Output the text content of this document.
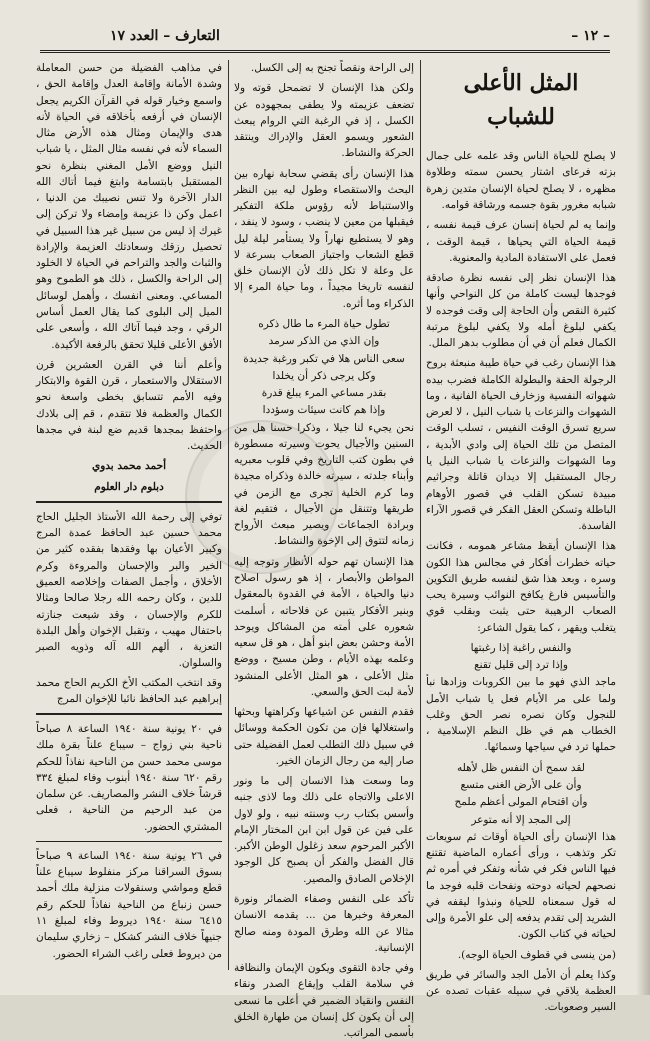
– ١٢ –
التعارف – العدد ١٧
المثل الأعلى للشباب

لا يصلح للحياة الناس وقد علمه على جمال بزته فرعاى اشتار يحسن سمته وطلاوة مظهره ، لا يصلح لحياة الإنسان متدين زهرة شبابه مغرور بقوة جسمه ورشاقة قوامه.

وإنما يه لم لحياة إنسان عرف قيمة نفسه ، قيمة الحياة التي يحياها ، قيمة الوقت ، فعمل على الاستفادة المادية والمعنوية.

هذا الإنسان نظر إلى نفسه نظرة صادقة فوجدها ليست كاملة من كل النواحي وأنها كثيرة النقص وأن الحاجة إلى وقت فوجده لا يكفي لبلوغ أمله ولا يكفي لبلوغ مرتبة الكمال فعلم أن في أن مطلوب بدهر الملل.

هذا الإنسان رغب في حياة طيبة منبعثة بروح الرجولة الحقة والبطولة الكاملة فضرب بيده شهواته النفسية وزخارف الحياة الفانية ، وما الشهوات والنزعات يا شباب النيل ، لا لعرض سريع تسرق الوقت النفيس ، تسلب الوقت المتصل من تلك الحياة إلى وادي الأبدية ، وما الشهوات والنزعات يا شباب النيل يا رجال المستقبل إلا ديدان قاتلة وجراثيم مبيدة تسكن القلب في قصور الأوهام الباطلة وتسكن العقل الفكر في قصور الآراء الفاسدة.

هذا الإنسان أيقظ مشاعر همومه ، فكانت حياته خطرات أفكار في مجالس هذا الكون وسره ، وبعد هذا شق لنفسه طريق التكوين والتأسيس فارغ يكافح النوائب وسيرة يحب الصعاب الرهيبة حتى يثبت وبقلب قوي يتغلب ويقهر ، كما يقول الشاعر:

والنفس راغبة إذا رغبتها
وإذا ترد إلى قليل تقنع

ماجد الذي فهو ما بين الكروبات وزادها نبأ ولما على مر الأيام فعل يا شباب الأمل للنجول وكان نصره نصر الحق وغلب الخطاب هم في ظل النظم الإسلامية ، حملها ترد في سياجها وسمائها.

لقد سمح أن النفس ظل لأهله
وأن على الأرض الغنى متسع
وأن اقتحام المولى أعظم ملمح
إلى المجد إلا أنه متوعر

هذا الإنسان رأى الحياة أوقات ثم سويعات تكر وتذهب ، ورأى أعماره الماضية تقتنع فيها الناس فكر في شأنه وتفكر في أمره ثم نصحهم لحياته دوحته ونفحات قلبه فوجد ما له قول سمعناه للحياة ونبذوا ليقفه في الشريد إلى تقدم يدفعه إلى علو الأمرة وإلى لحياته في كتاب الكون.

(من ينسى في قطوف الحياة الوجه).

وكذا يعلم أن الأمل الجد والسائر في طريق العظمة يلاقي في سبيله عقبات تصده عن السير وصعوبات.

إلى الراحة ونقصاً تجنح به إلى الكسل.

ولكن هذا الإنسان لا تضمحل قوته ولا تضعف عزيمته ولا يطفى بمجهوده عن الكسل ، إذ في الرغبة التي الروام يبعث الشعور ويسمو العقل والإدراك وينتقد الحركة والنشاط.

هذا الإنسان رأى يقضي سحابة نهاره بين البحث والاستقصاء وطول ليه بين النظر والاستنباط لأنه رؤوس ملكة التفكير فيقبلها من معين لا ينضب ، وسود لا ينفد ، وهو لا يستطيع نهاراً ولا يستأمر ليلة ليل قطع الشعاب واجتياز الصعاب بسرعة لا عل وعلة لا تكل ذلك لأن الإنسان خلق لنفسه تاريخا مجيداً ، وما حياة المرء إلا الذكراء وما أثره.

تطول حياة المرء ما طال ذكره
وإن الذي من الذكر سرمد
سعى الناس هلا في تكبر ورغبة جديدة
وكل يرجى ذكر أن يخلدا
بقدر مساعي المرء يبلغ قدرة
وإذا هم كانت سيئات وسؤددا

نحن يجيء لنا جيلا ، وذكرا حسنا هل من السنين والأجيال يحوت وسيرته مسطورة في بطون كتب التاريخ وفي قلوب معبريه وأبناء جلدته ، سيرته خالدة وذكراه مجيدة وما كرم الخلية تجرى مع الزمن في طريقها وتتنقل من الأجيال ، فتقيم لغة وبرادة الجماعات ويصير مبعث الأرواح زمانه لتتوق إلى الإخوة والنشاط.

هذا الإنسان تهم حوله الأنظار وتوجه إليه المواطن والأبصار ، إذ هو رسول اصلاح دنيا والحياة ، الأمة في القدوة بالمعقول وبنير الأفكار يتبين عن فلاحاته ، أسلمت شعوره على أمته من المشاكل ويوحد الأمة وحشن بعض ابنو أهل ، هو قل سعيه وعلمه بهذه الأيام ، وطن مسيح ، ووضع مثل الأعلى ، هو المثل الأعلى المنشود لأمة لبت الحق والسعي.

فقدم النفس عن اشياعها وكراهتها وبحثها واستغلالها فإن من تكون الحكمة ووسائل في سبيل ذلك التطلب لعمل الفضيلة حتى صار إليه من رجال الزمان الخير.

وما وسعت هذا الانسان إلى ما ونور الاعلى والاتجاه على ذلك وما لاذى جنبه وأسس بكتاب رب وسنته نبيه ، ولو لاول على فين عن قول ابن ابن المختار الإمام الأكبر المرحوم سعد زغلول الوطن الأكبر. قال الفضل والفكر أن يصبح كل الوجود الإخلاص الصادق والمصير.

تأكد على النفس وصفاء الضمائر ونورة المعرفة وخبرها من ... يقدمه الانسان مثالا عن الله وطرق المودة ومنه صالح الإنسانية.

وفي جادة التقوى ويكون الإيمان والنظافة في سلامة القلب وإيقاع الصدر ونقاء النفس وانقياد الضمير في أعلى ما نسعى إلى أن يكون كل إنسان من طهارة الخلق بأسمى المراتب.

في مذاهب الفضيلة من حسن المعاملة وشدة الأمانة وإقامة العدل وإقامة الحق ، واسمع وخيار قوله في القرآن الكريم يجعل الإنسان في أرفعه بأخلاقه في الحياة لأنه هدى والإيمان ومثال هذه الأرض مثال السماء لأنه في نفسه مثال المثل ، يا شباب النيل ووضع الأمل المغني بنظرة نحو المستقبل بابتسامة وابتغ فيما أتاك الله الدار الآخرة ولا تنس نصيبك من الدنيا ، اعمل وكن ذا عزيمة وإمضاء ولا تركن إلى غيرك إذ ليس من سبيل غير هذا السبيل في تحصيل رزقك وسعادتك العزيمة والإرادة والثبات والجد والتراحم في الحياة لا الخلود إلى الراحة والكسل ، ذلك هو الطموح وهو المساعي. ومعنى انفسك ، وأهمل لوسائل الميل إلى البلوى كما يقال العمل أساس الرقي ، وجد فيما آتاك الله ، وأسعى على الأفق الأعلى قليلا تحقق بالرفعة الأكيدة.

وأعلم أننا في القرن العشرين قرن الاستقلال والاستعمار ، قرن القوة والابتكار وفيه الأمم تتسابق بخطى واسعة نحو الكمال والعظمة فلا تتقدم ، قم إلى بلادك واحتفظ بمجدها قديم ضع لبنة في مجدها الحديث.

أحمد محمد بدوي
دبلوم دار العلوم

توفي إلى رحمة الله الأستاذ الجليل الحاج محمد حسين عبد الحافظ عمدة المرج وكبير الأعيان بها وفقدها بفقده كثير من الخير والبر والإحسان والمروءة وكرم الأخلاق ، وأجمل الصفات وإخلاصه العميق للدين ، وكان رحمه الله رجلا صالحا ومثالا للكرم والإحسان ، وقد شيعت جنازته باحتفال مهيب ، وتقبل الإخوان وأهل البلدة التعزية ، ألهم الله آله وذويه الصبر والسلوان.

وقد انتخب المكتب الأخ الكريم الحاج محمد إبراهيم عبد الحافظ نائبا للإخوان المرج

في ٢٠ يونية سنة ١٩٤٠ الساعة ٨ صباحاً ناحية بني زواج – سيباع علناً بقرة ملك موسى محمد حسن من الناحية نفاذاً للحكم رقم ٦٢٠ سنة ١٩٤٠ أبنوب وفاء لمبلغ ٣٣٤ قرشاً خلاف النشر والمصاريف. عن سلمان من عبد الرحيم من الناحية ، فعلى المشتري الحضور.

في ٢٦ يونية سنة ١٩٤٠ الساعة ٩ صباحاً بسوق السراقنا مركز منفلوط سيباع علناً قطع ومواشي وسنقولات منزلية ملك أحمد حسن زنباع من الناحية نفاذاً للحكم رقم ٦٤١٥ سنة ١٩٤٠ ديروط وفاء لمبلغ ١١ جنيهاً خلاف النشر كشكل – زخاري سليمان من ديروط فعلى راغب الشراء الحضور.
